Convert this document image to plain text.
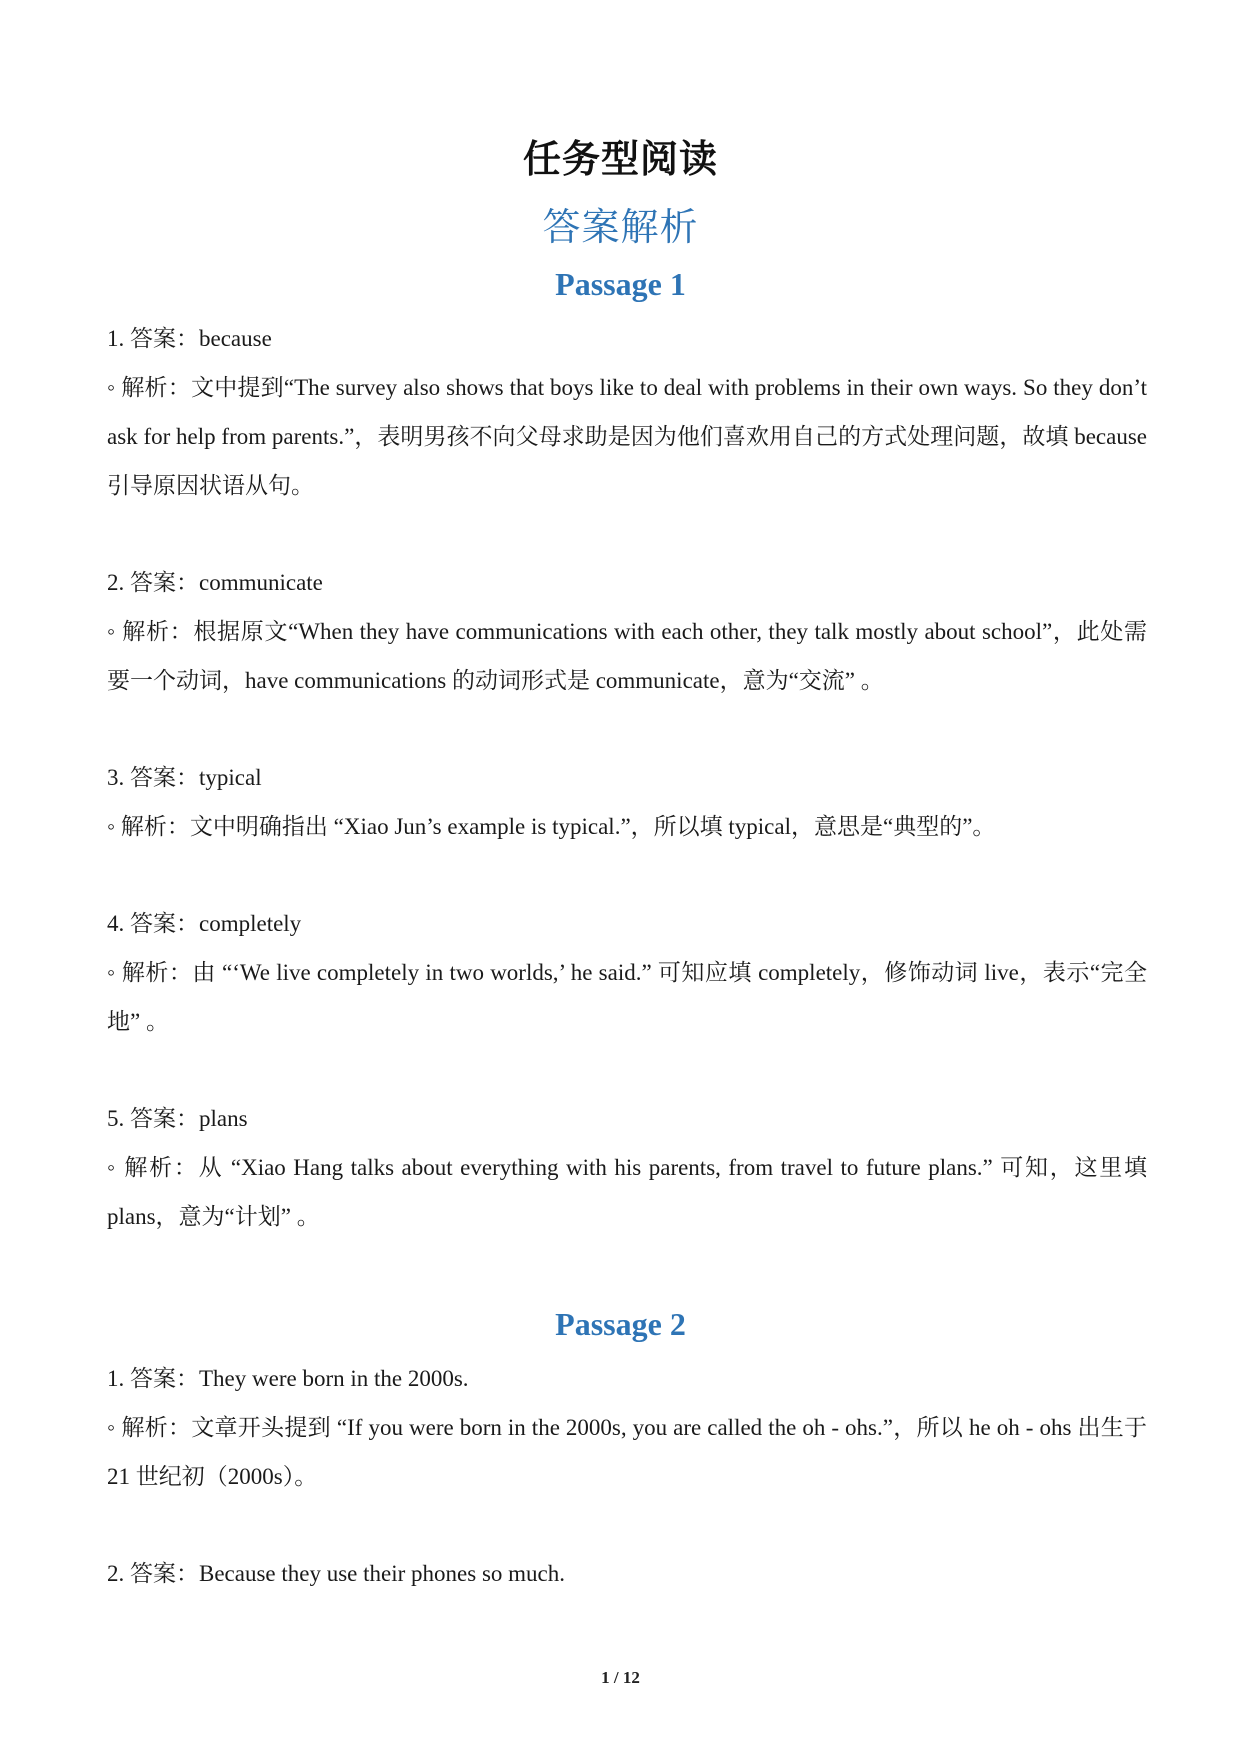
任务型阅读
答案解析
Passage 1
1. 答案：because
◦ 解析：文中提到“The survey also shows that boys like to deal with problems in their own ways. So they don’t ask for help from parents.”，表明男孩不向父母求助是因为他们喜欢用自己的方式处理问题，故填 because 引导原因状语从句。
2. 答案：communicate
◦ 解析：根据原文“When they have communications with each other, they talk mostly about school”，此处需要一个动词，have communications 的动词形式是 communicate，意为“交流” 。
3. 答案：typical
◦ 解析：文中明确指出 “Xiao Jun’s example is typical.”，所以填 typical，意思是“典型的”。
4. 答案：completely
◦ 解析：由 “‘We live completely in two worlds,’ he said.” 可知应填 completely，修饰动词 live，表示“完全地” 。
5. 答案：plans
◦ 解析：从 “Xiao Hang talks about everything with his parents, from travel to future plans.” 可知，这里填 plans，意为“计划” 。
Passage 2
1. 答案：They were born in the 2000s.
◦ 解析：文章开头提到 “If you were born in the 2000s, you are called the oh - ohs.”，所以 he oh - ohs 出生于 21 世纪初（2000s）。
2. 答案：Because they use their phones so much.
1 / 12
